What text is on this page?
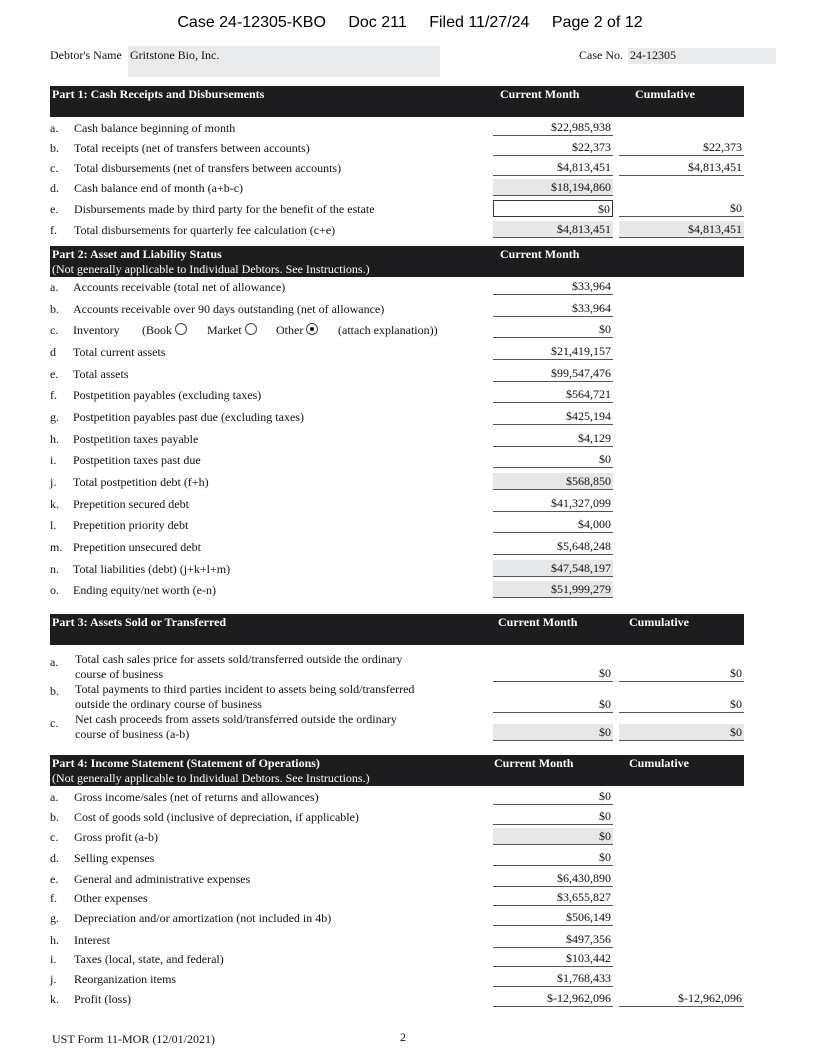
Case 24-12305-KBO Doc 211 Filed 11/27/24 Page 2 of 12
Debtor's Name Gritstone Bio, Inc.	Case No. 24-12305
Part 1: Cash Receipts and Disbursements	Current Month	Cumulative
a. Cash balance beginning of month	$22,985,938
b. Total receipts (net of transfers between accounts)	$22,373	$22,373
c. Total disbursements (net of transfers between accounts)	$4,813,451	$4,813,451
d. Cash balance end of month (a+b-c)	$18,194,860
e. Disbursements made by third party for the benefit of the estate	$0	$0
f. Total disbursements for quarterly fee calculation (c+e)	$4,813,451	$4,813,451
Part 2: Asset and Liability Status
(Not generally applicable to Individual Debtors. See Instructions.)
Current Month
a. Accounts receivable (total net of allowance)	$33,964
b. Accounts receivable over 90 days outstanding (net of allowance)	$33,964
c. Inventory (Book	Market	Other	(attach explanation))	$0
d Total current assets	$21,419,157
e. Total assets	$99,547,476
f. Postpetition payables (excluding taxes)	$564,721
g. Postpetition payables past due (excluding taxes)	$425,194
h. Postpetition taxes payable	$4,129
i. Postpetition taxes past due	$0
j. Total postpetition debt (f+h)	$568,850
k. Prepetition secured debt	$41,327,099
l. Prepetition priority debt	$4,000
m. Prepetition unsecured debt	$5,648,248
n. Total liabilities (debt) (j+k+l+m)	$47,548,197
o. Ending equity/net worth (e-n)	$51,999,279
Part 3: Assets Sold or Transferred	Current Month	Cumulative
a. Total cash sales price for assets sold/transferred outside the ordinary
course of business	$0	$0
b. Total payments to third parties incident to assets being sold/transferred
outside the ordinary course of business	$0	$0
c. Net cash proceeds from assets sold/transferred outside the ordinary
course of business (a-b)	$0	$0
Part 4: Income Statement (Statement of Operations)
(Not generally applicable to Individual Debtors. See Instructions.)
Current Month	Cumulative
a. Gross income/sales (net of returns and allowances)	$0
b. Cost of goods sold (inclusive of depreciation, if applicable)	$0
c. Gross profit (a-b)	$0
d. Selling expenses	$0
e. General and administrative expenses	$6,430,890
f. Other expenses	$3,655,827
g. Depreciation and/or amortization (not included in 4b)	$506,149
h. Interest	$497,356
i. Taxes (local, state, and federal)	$103,442
j. Reorganization items	$1,768,433
k. Profit (loss)	$-12,962,096	$-12,962,096
UST Form 11-MOR (12/01/2021)	2
